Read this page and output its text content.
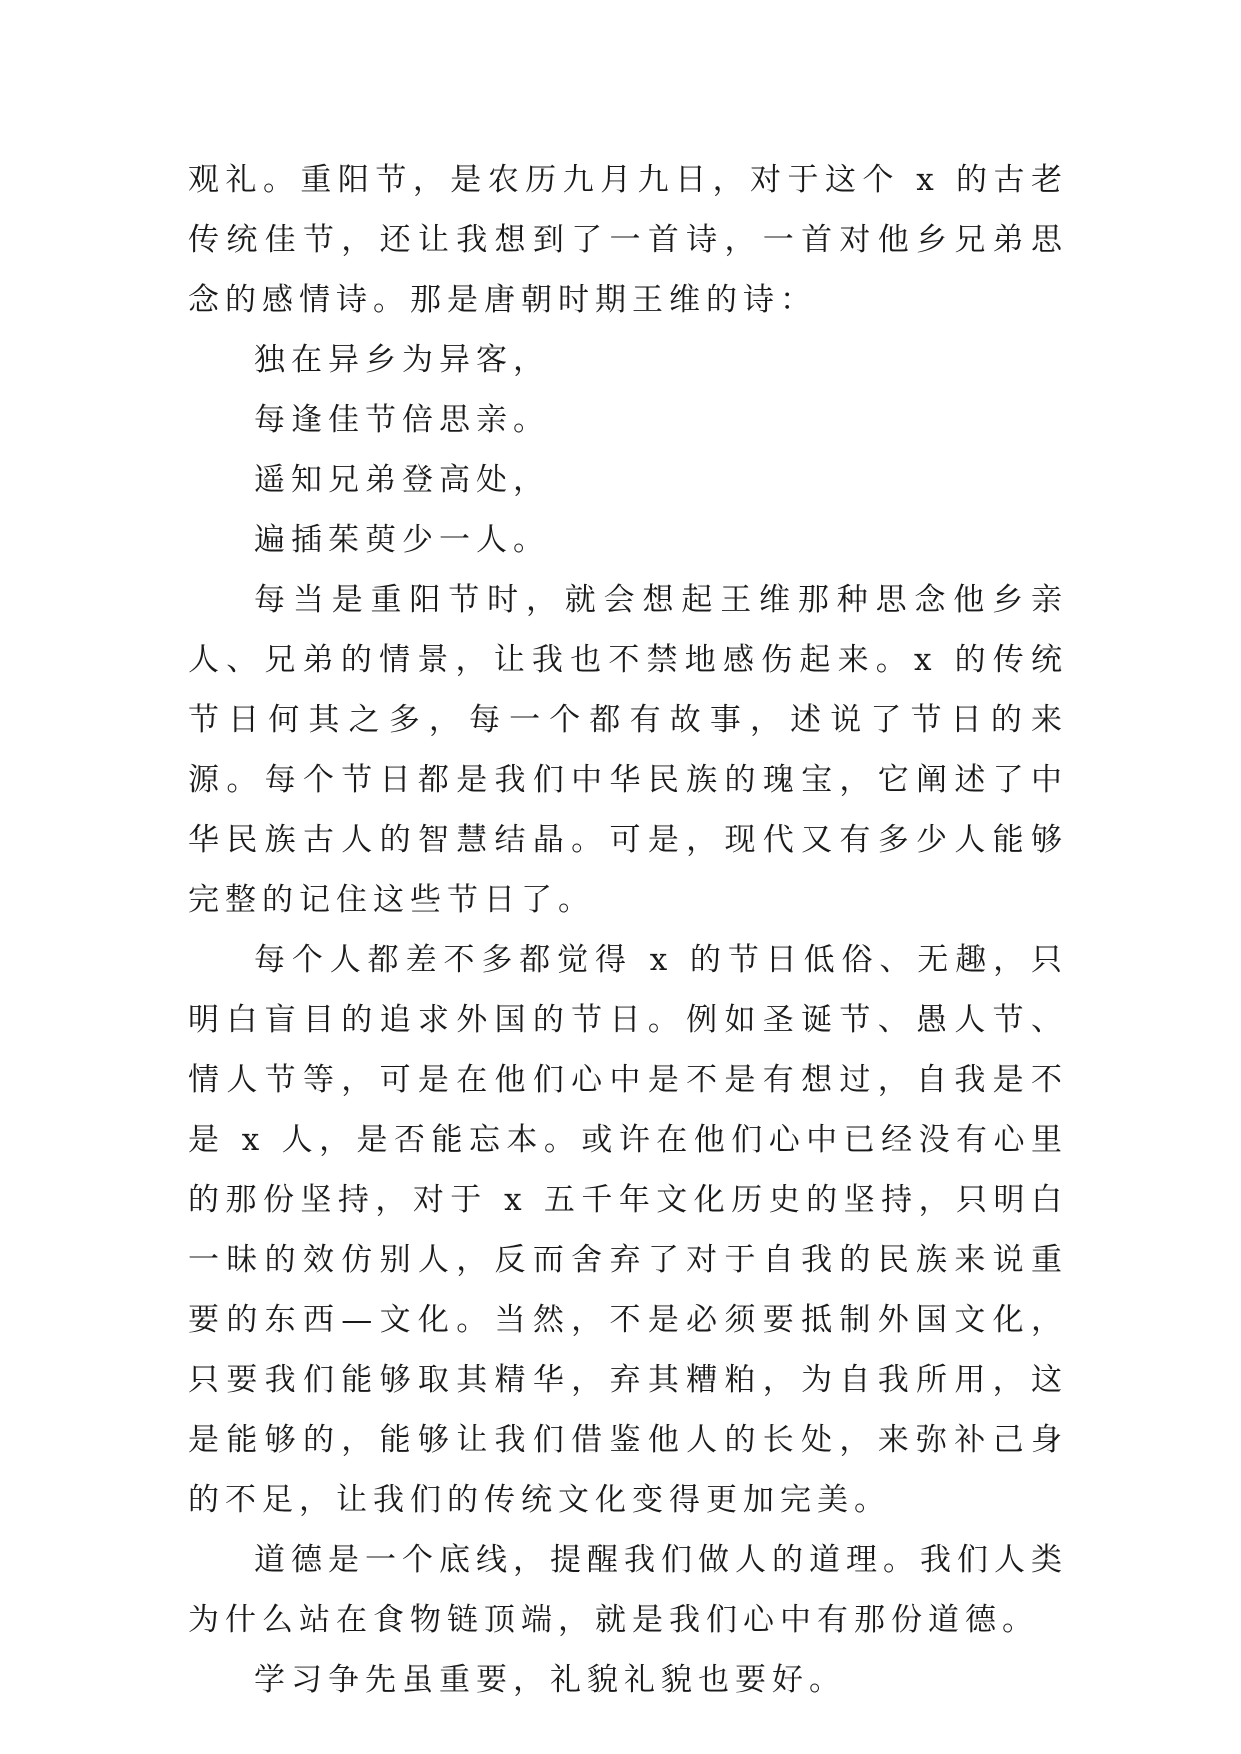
观礼。重阳节，是农历九月九日，对于这个 x 的古老传统佳节，还让我想到了一首诗，一首对他乡兄弟思念的感情诗。那是唐朝时期王维的诗：

独在异乡为异客，

每逢佳节倍思亲。

遥知兄弟登高处，

遍插茱萸少一人。

每当是重阳节时，就会想起王维那种思念他乡亲人、兄弟的情景，让我也不禁地感伤起来。x 的传统节日何其之多，每一个都有故事，述说了节日的来源。每个节日都是我们中华民族的瑰宝，它阐述了中华民族古人的智慧结晶。可是，现代又有多少人能够完整的记住这些节日了。

每个人都差不多都觉得 x 的节日低俗、无趣，只明白盲目的追求外国的节日。例如圣诞节、愚人节、情人节等，可是在他们心中是不是有想过，自我是不是 x 人，是否能忘本。或许在他们心中已经没有心里的那份坚持，对于 x 五千年文化历史的坚持，只明白一昧的效仿别人，反而舍弃了对于自我的民族来说重要的东西—文化。当然，不是必须要抵制外国文化，只要我们能够取其精华，弃其糟粕，为自我所用，这是能够的，能够让我们借鉴他人的长处，来弥补己身的不足，让我们的传统文化变得更加完美。

道德是一个底线，提醒我们做人的道理。我们人类为什么站在食物链顶端，就是我们心中有那份道德。

学习争先虽重要，礼貌礼貌也要好。
